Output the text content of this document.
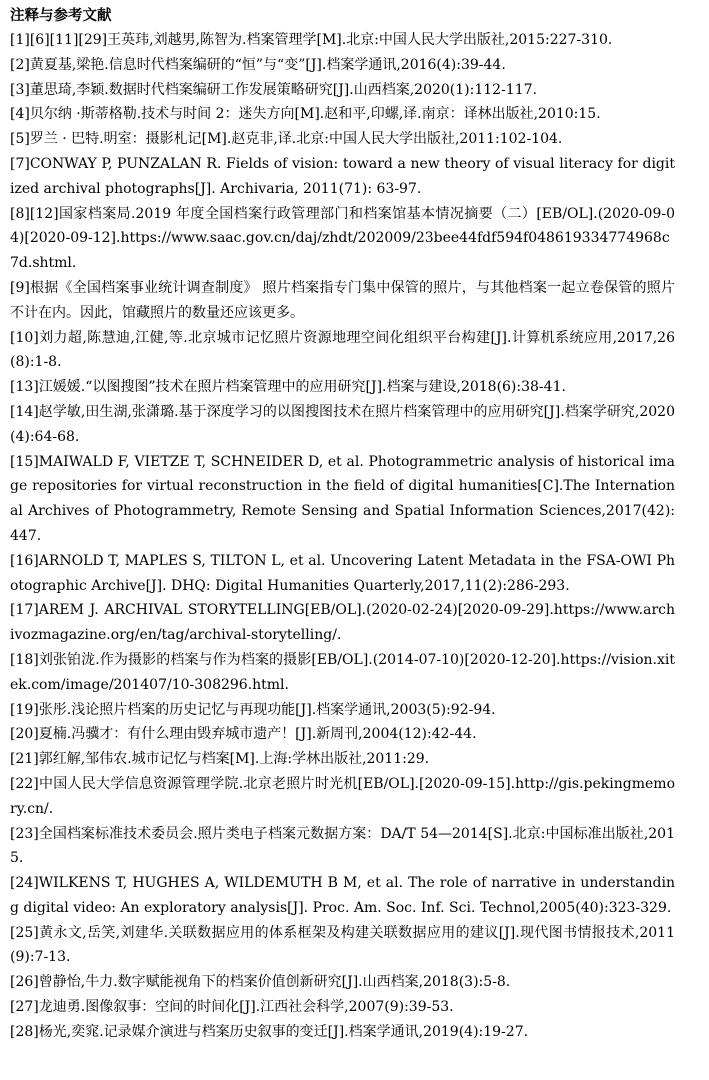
注释与参考文献

[1][6][11][29]王英玮,刘越男,陈智为.档案管理学[M].北京:中国人民大学出版社,2015:227-310.

[2]黄夏基,梁艳.信息时代档案编研的“恒”与“变”[J].档案学通讯,2016(4):39-44.

[3]董思琦,李颖.数据时代档案编研工作发展策略研究[J].山西档案,2020(1):112-117.

[4]贝尔纳 ·斯蒂格勒.技术与时间 2：迷失方向[M].赵和平,印螺,译.南京：译林出版社,2010:15.

[5]罗兰 · 巴特.明室：摄影札记[M].赵克非,译.北京:中国人民大学出版社,2011:102-104.

[7]CONWAY P, PUNZALAN R. Fields of vision: toward a new theory of visual literacy for digitized archival photographs[J]. Archivaria, 2011(71): 63-97.

[8][12]国家档案局.2019 年度全国档案行政管理部门和档案馆基本情况摘要（二）[EB/OL].(2020-09-04)[2020-09-12].https://www.saac.gov.cn/daj/zhdt/202009/23bee44fdf594f048619334774968c7d.shtml.

[9]根据《全国档案事业统计调查制度》 照片档案指专门集中保管的照片，与其他档案一起立卷保管的照片不计在内。因此，馆藏照片的数量还应该更多。

[10]刘力超,陈慧迪,江健,等.北京城市记忆照片资源地理空间化组织平台构建[J].计算机系统应用,2017,26(8):1-8.

[13]江媛媛.“以图搜图”技术在照片档案管理中的应用研究[J].档案与建设,2018(6):38-41.

[14]赵学敏,田生湖,张潇璐.基于深度学习的以图搜图技术在照片档案管理中的应用研究[J].档案学研究,2020(4):64-68.

[15]MAIWALD F, VIETZE T, SCHNEIDER D, et al. Photogrammetric analysis of historical image repositories for virtual reconstruction in the field of digital humanities[C].The International Archives of Photogrammetry, Remote Sensing and Spatial Information Sciences,2017(42):447.

[16]ARNOLD T, MAPLES S, TILTON L, et al. Uncovering Latent Metadata in the FSA-OWI Photographic Archive[J]. DHQ: Digital Humanities Quarterly,2017,11(2):286-293.

[17]AREM J. ARCHIVAL STORYTELLING[EB/OL].(2020-02-24)[2020-09-29].https://www.archivozmagazine.org/en/tag/archival-storytelling/.

[18]刘张铂泷.作为摄影的档案与作为档案的摄影[EB/OL].(2014-07-10)[2020-12-20].https://vision.xitek.com/image/201407/10-308296.html.

[19]张彤.浅论照片档案的历史记忆与再现功能[J].档案学通讯,2003(5):92-94.

[20]夏楠.冯骥才：有什么理由毁弃城市遗产！[J].新周刊,2004(12):42-44.

[21]郭红解,邹伟农.城市记忆与档案[M].上海:学林出版社,2011:29.

[22]中国人民大学信息资源管理学院.北京老照片时光机[EB/OL].[2020-09-15].http://gis.pekingmemory.cn/.

[23]全国档案标准技术委员会.照片类电子档案元数据方案：DA/T 54—2014[S].北京:中国标准出版社,2015.

[24]WILKENS T, HUGHES A, WILDEMUTH B M, et al. The role of narrative in understanding digital video: An exploratory analysis[J]. Proc. Am. Soc. Inf. Sci. Technol,2005(40):323-329.

[25]黄永文,岳笑,刘建华.关联数据应用的体系框架及构建关联数据应用的建议[J].现代图书情报技术,2011(9):7-13.

[26]曾静怡,牛力.数字赋能视角下的档案价值创新研究[J].山西档案,2018(3):5-8.

[27]龙迪勇.图像叙事：空间的时间化[J].江西社会科学,2007(9):39-53.

[28]杨光,奕窕.记录媒介演进与档案历史叙事的变迁[J].档案学通讯,2019(4):19-27.
